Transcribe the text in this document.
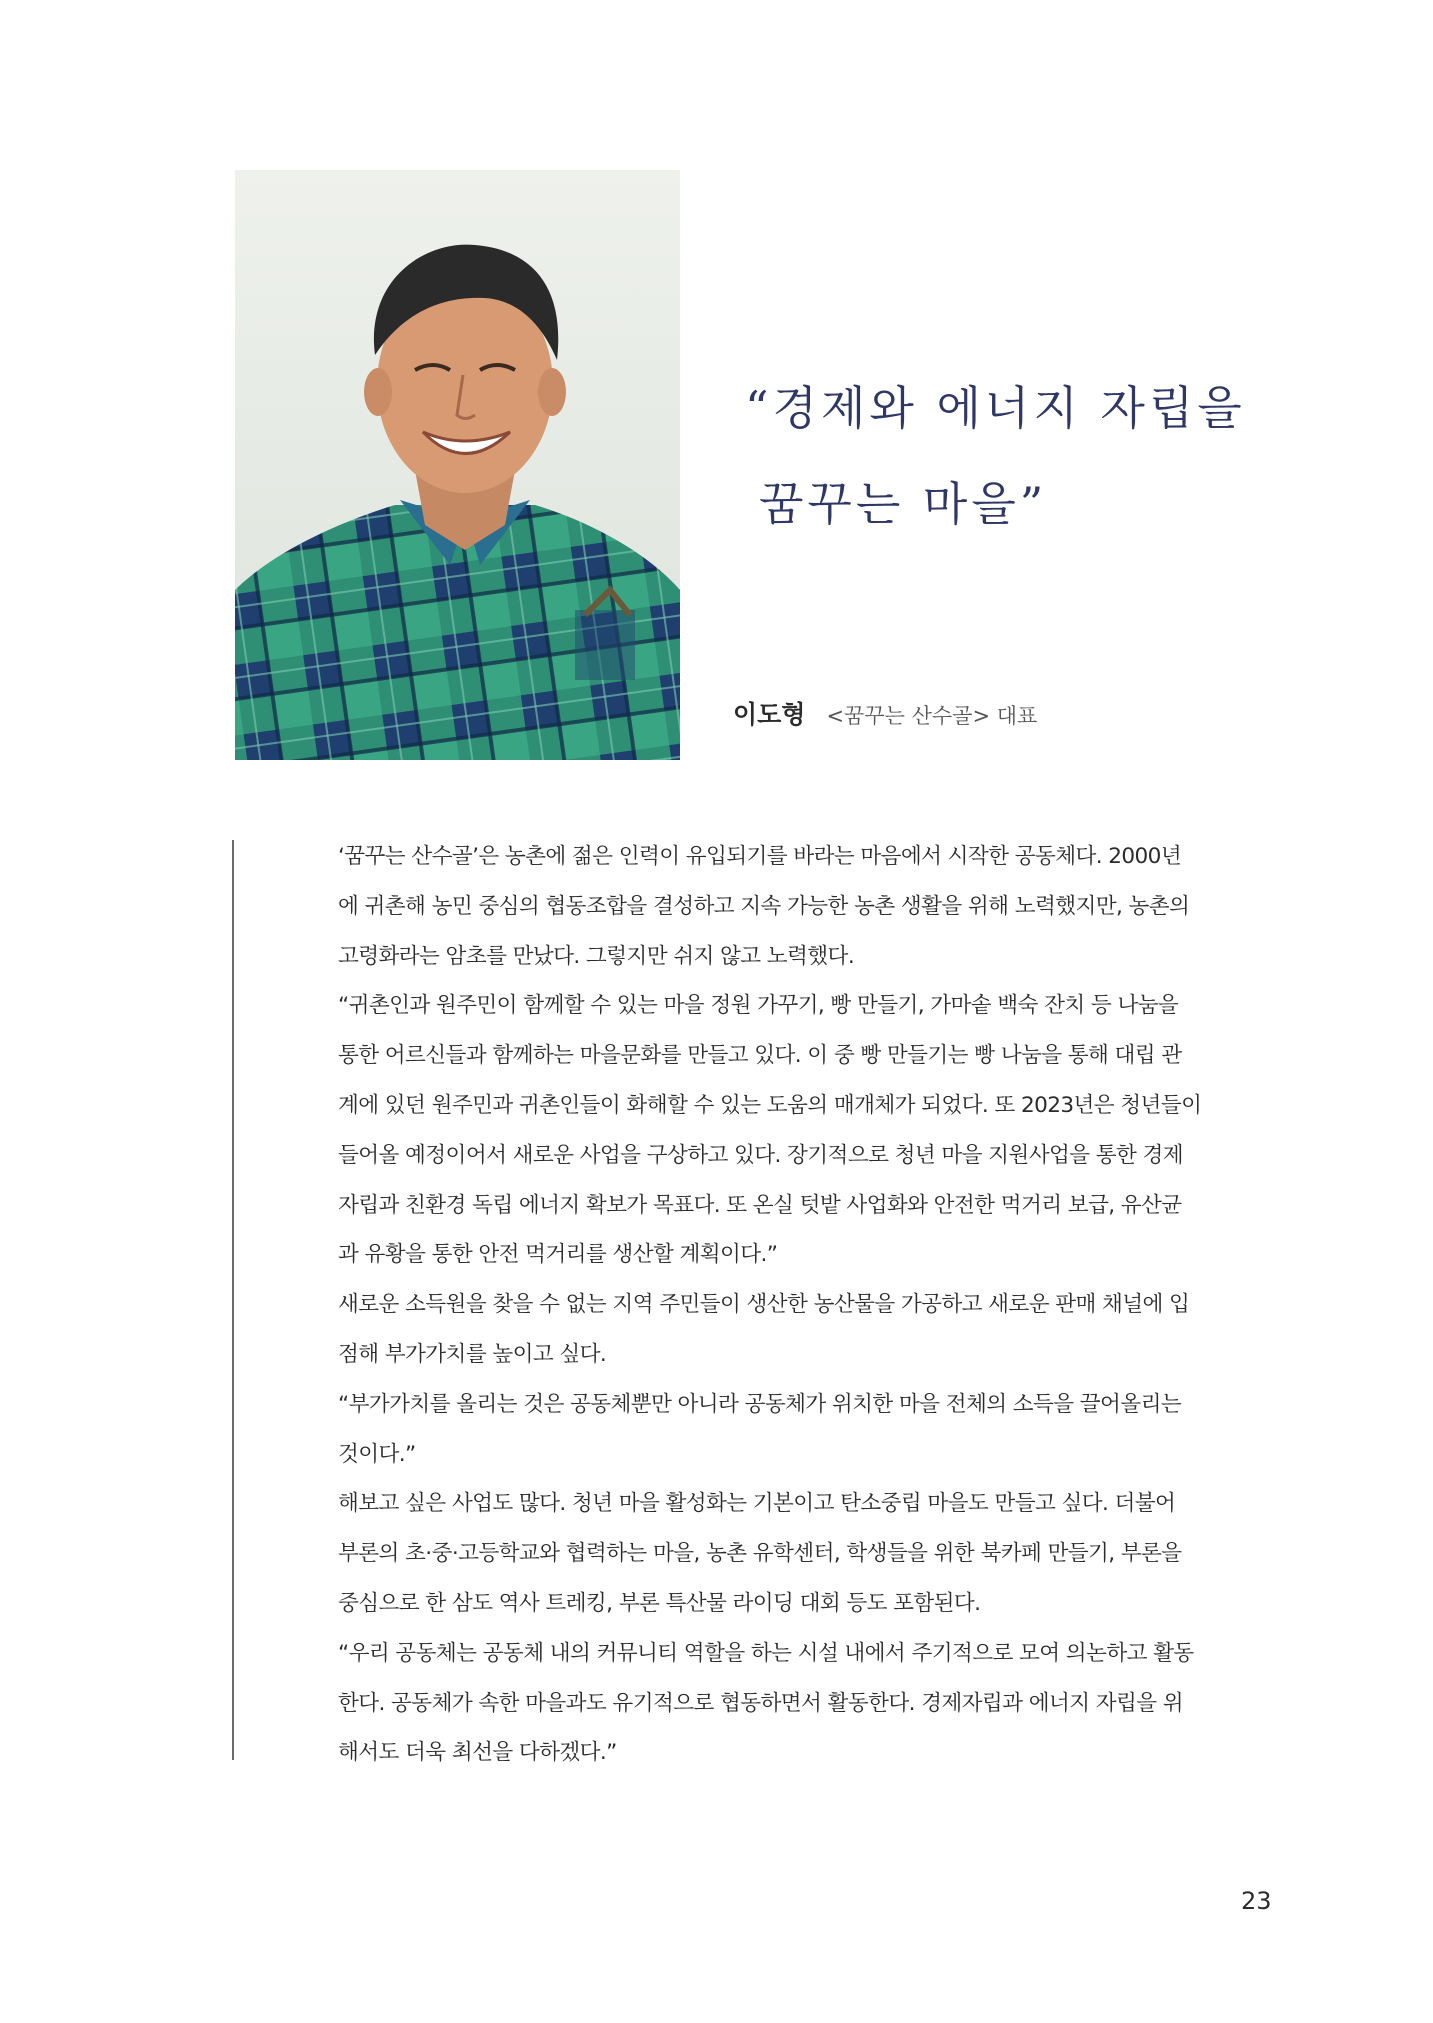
“경제와 에너지 자립을
꿈꾸는 마을”
이도형 <꿈꾸는 산수골> 대표
‘꿈꾸는 산수골’은 농촌에 젊은 인력이 유입되기를 바라는 마음에서 시작한 공동체다. 2000년
에 귀촌해 농민 중심의 협동조합을 결성하고 지속 가능한 농촌 생활을 위해 노력했지만, 농촌의
고령화라는 암초를 만났다. 그렇지만 쉬지 않고 노력했다.
“귀촌인과 원주민이 함께할 수 있는 마을 정원 가꾸기, 빵 만들기, 가마솥 백숙 잔치 등 나눔을
통한 어르신들과 함께하는 마을문화를 만들고 있다. 이 중 빵 만들기는 빵 나눔을 통해 대립 관
계에 있던 원주민과 귀촌인들이 화해할 수 있는 도움의 매개체가 되었다. 또 2023년은 청년들이
들어올 예정이어서 새로운 사업을 구상하고 있다. 장기적으로 청년 마을 지원사업을 통한 경제
자립과 친환경 독립 에너지 확보가 목표다. 또 온실 텃밭 사업화와 안전한 먹거리 보급, 유산균
과 유황을 통한 안전 먹거리를 생산할 계획이다.”
새로운 소득원을 찾을 수 없는 지역 주민들이 생산한 농산물을 가공하고 새로운 판매 채널에 입
점해 부가가치를 높이고 싶다.
“부가가치를 올리는 것은 공동체뿐만 아니라 공동체가 위치한 마을 전체의 소득을 끌어올리는
것이다.”
해보고 싶은 사업도 많다. 청년 마을 활성화는 기본이고 탄소중립 마을도 만들고 싶다. 더불어
부론의 초·중·고등학교와 협력하는 마을, 농촌 유학센터, 학생들을 위한 북카페 만들기, 부론을
중심으로 한 삼도 역사 트레킹, 부론 특산물 라이딩 대회 등도 포함된다.
“우리 공동체는 공동체 내의 커뮤니티 역할을 하는 시설 내에서 주기적으로 모여 의논하고 활동
한다. 공동체가 속한 마을과도 유기적으로 협동하면서 활동한다. 경제자립과 에너지 자립을 위
해서도 더욱 최선을 다하겠다.”
23
